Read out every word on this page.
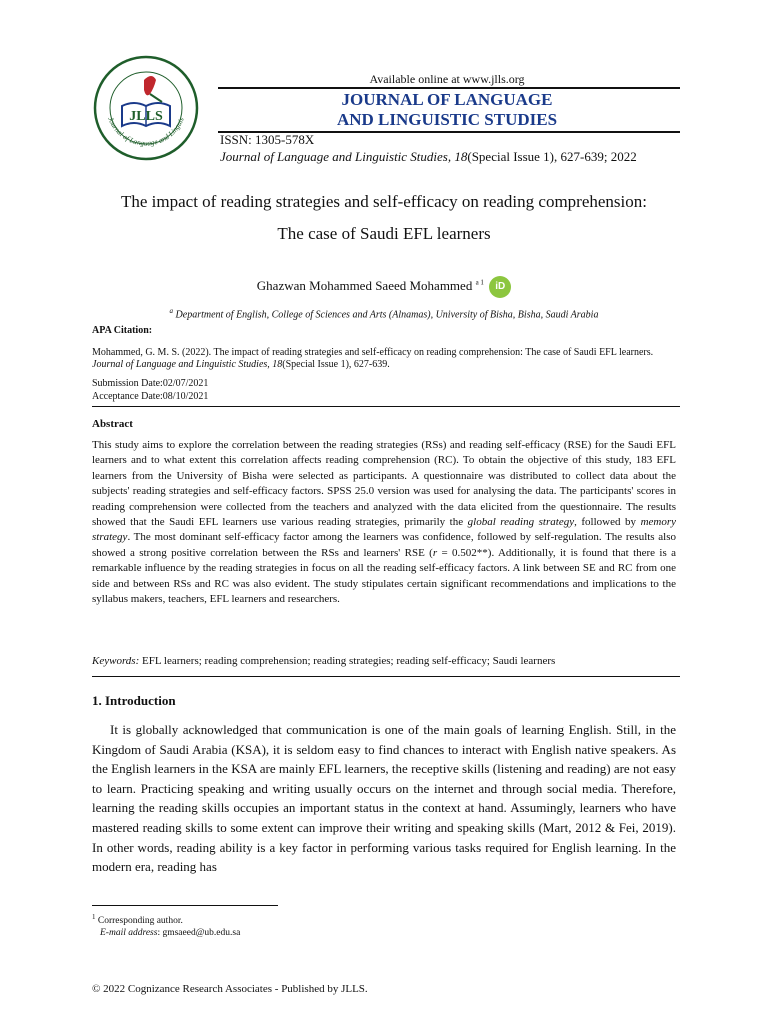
Journal of Language and Linguis
JLLS
Available online at www.jlls.org
JOURNAL OF LANGUAGE
AND LINGUISTIC STUDIES
ISSN: 1305-578X
Journal of Language and Linguistic Studies, 18(Special Issue 1), 627-639; 2022
The impact of reading strategies and self-efficacy on reading comprehension:
The case of Saudi EFL learners
Ghazwan Mohammed Saeed Mohammed $^{a 1}$ iD
$^a$ Department of English, College of Sciences and Arts (Alnamas), University of Bisha, Bisha, Saudi Arabia
APA Citation:
Mohammed, G. M. S. (2022). The impact of reading strategies and self-efficacy on reading comprehension: The case of Saudi EFL learners.
Journal of Language and Linguistic Studies, 18(Special Issue 1), 627-639.
Submission Date:02/07/2021
Acceptance Date:08/10/2021
Abstract
This study aims to explore the correlation between the reading strategies (RSs) and reading self-efficacy (RSE) for the Saudi EFL learners and to what extent this correlation affects reading comprehension (RC). To obtain the objective of this study, 183 EFL learners from the University of Bisha were selected as participants. A questionnaire was distributed to collect data about the subjects' reading strategies and self-efficacy factors. SPSS 25.0 version was used for analysing the data. The participants' scores in reading comprehension were collected from the teachers and analyzed with the data elicited from the questionnaire. The results showed that the Saudi EFL learners use various reading strategies, primarily the global reading strategy, followed by memory strategy. The most dominant self-efficacy factor among the learners was confidence, followed by self-regulation. The results also showed a strong positive correlation between the RSs and learners' RSE (r = 0.502**). Additionally, it is found that there is a remarkable influence by the reading strategies in focus on all the reading self-efficacy factors. A link between SE and RC from one side and between RSs and RC was also evident. The study stipulates certain significant recommendations and implications to the syllabus makers, teachers, EFL learners and researchers.
Keywords: EFL learners; reading comprehension; reading strategies; reading self-efficacy; Saudi learners
1. Introduction
It is globally acknowledged that communication is one of the main goals of learning English. Still, in the Kingdom of Saudi Arabia (KSA), it is seldom easy to find chances to interact with English native speakers. As the English learners in the KSA are mainly EFL learners, the receptive skills (listening and reading) are not easy to learn. Practicing speaking and writing usually occurs on the internet and through social media. Therefore, learning the reading skills occupies an important status in the context at hand. Assumingly, learners who have mastered reading skills to some extent can improve their writing and speaking skills (Mart, 2012 & Fei, 2019). In other words, reading ability is a key factor in performing various tasks required for English learning. In the modern era, reading has
$^1$ Corresponding author.
E-mail address: gmsaeed@ub.edu.sa
© 2022 Cognizance Research Associates - Published by JLLS.
